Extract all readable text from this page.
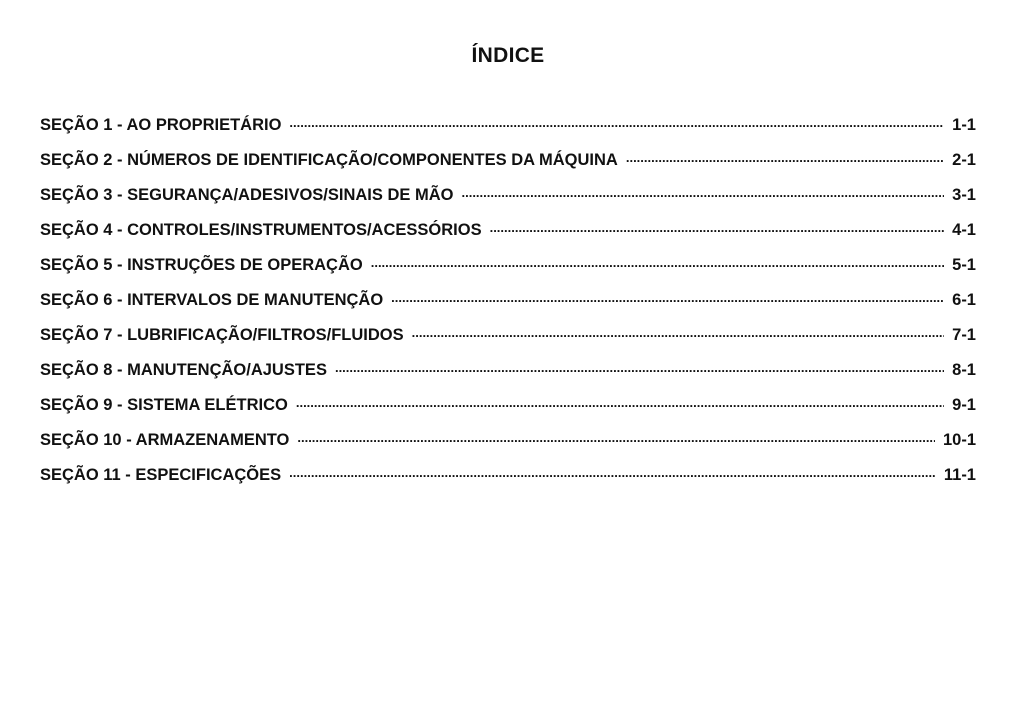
ÍNDICE
SEÇÃO 1 - AO PROPRIETÁRIO .....	1-1
SEÇÃO 2 - NÚMEROS DE IDENTIFICAÇÃO/COMPONENTES DA MÁQUINA .....	2-1
SEÇÃO 3 - SEGURANÇA/ADESIVOS/SINAIS DE MÃO .....	3-1
SEÇÃO 4 - CONTROLES/INSTRUMENTOS/ACESSÓRIOS .....	4-1
SEÇÃO 5 - INSTRUÇÕES DE OPERAÇÃO .....	5-1
SEÇÃO 6 - INTERVALOS DE MANUTENÇÃO .....	6-1
SEÇÃO 7 - LUBRIFICAÇÃO/FILTROS/FLUIDOS .....	7-1
SEÇÃO 8 - MANUTENÇÃO/AJUSTES .....	8-1
SEÇÃO 9 - SISTEMA ELÉTRICO .....	9-1
SEÇÃO 10 - ARMAZENAMENTO .....	10-1
SEÇÃO 11 - ESPECIFICAÇÕES .....	11-1
